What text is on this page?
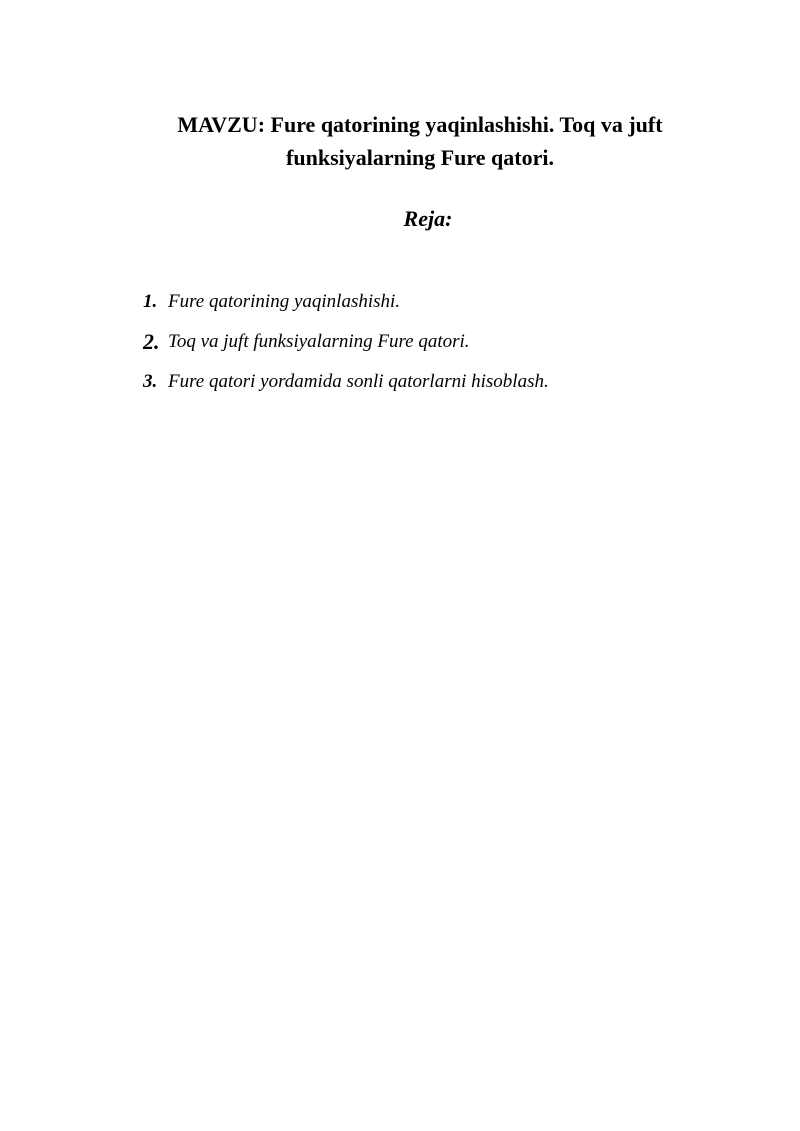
MAVZU: Fure qatorining yaqinlashishi. Toq va juft
funksiyalarning Fure qatori.
Reja:
1. Fure qatorining yaqinlashishi.
2. Toq va juft funksiyalarning Fure qatori.
3. Fure qatori yordamida sonli qatorlarni hisoblash.
